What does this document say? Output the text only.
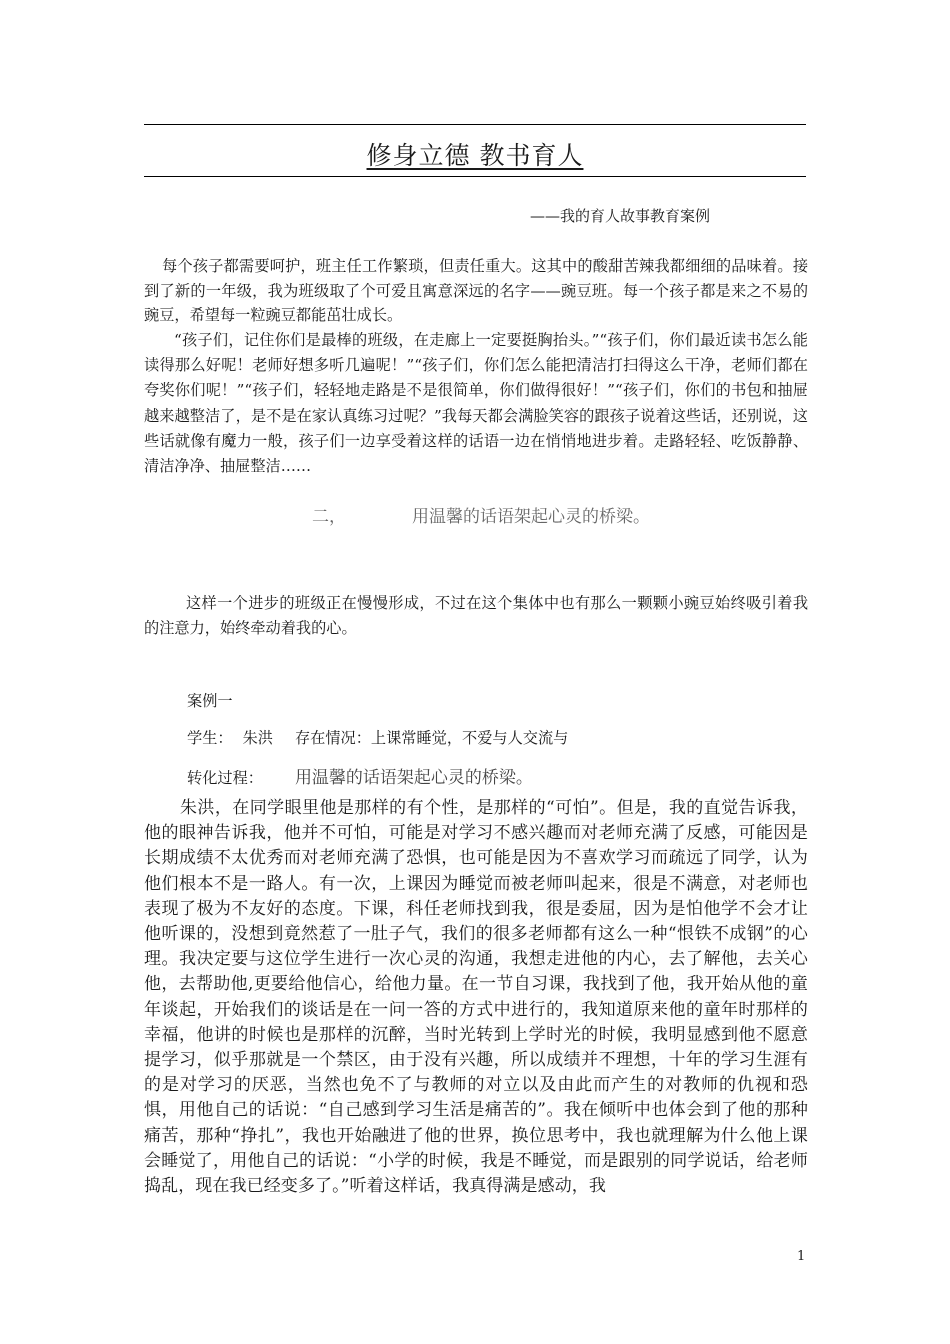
修身立德 教书育人
——我的育人故事教育案例

每个孩子都需要呵护，班主任工作繁琐，但责任重大。这其中的酸甜苦辣我都细细的品味着。接到了新的一年级，我为班级取了个可爱且寓意深远的名字——豌豆班。每一个孩子都是来之不易的豌豆，希望每一粒豌豆都能茁壮成长。

“孩子们，记住你们是最棒的班级，在走廊上一定要挺胸抬头。”“孩子们，你们最近读书怎么能读得那么好呢！老师好想多听几遍呢！”“孩子们，你们怎么能把清洁打扫得这么干净，老师们都在夸奖你们呢！”“孩子们，轻轻地走路是不是很简单，你们做得很好！”“孩子们，你们的书包和抽屉越来越整洁了，是不是在家认真练习过呢？”我每天都会满脸笑容的跟孩子说着这些话，还别说，这些话就像有魔力一般，孩子们一边享受着这样的话语一边在悄悄地进步着。走路轻轻、吃饭静静、清洁净净、抽屉整洁……

二，	用温馨的话语架起心灵的桥梁。

这样一个进步的班级正在慢慢形成，不过在这个集体中也有那么一颗颗小豌豆始终吸引着我的注意力，始终牵动着我的心。

案例一
学生： 朱洪 存在情况：上课常睡觉，不爱与人交流与
转化过程： 用温馨的话语架起心灵的桥梁。

朱洪，在同学眼里他是那样的有个性，是那样的“可怕”。但是，我的直觉告诉我，他的眼神告诉我，他并不可怕，可能是对学习不感兴趣而对老师充满了反感，可能因是长期成绩不太优秀而对老师充满了恐惧，也可能是因为不喜欢学习而疏远了同学，认为他们根本不是一路人。有一次，上课因为睡觉而被老师叫起来，很是不满意，对老师也表现了极为不友好的态度。下课，科任老师找到我，很是委屈，因为是怕他学不会才让他听课的，没想到竟然惹了一肚子气，我们的很多老师都有这么一种“恨铁不成钢”的心理。我决定要与这位学生进行一次心灵的沟通，我想走进他的内心，去了解他，去关心他，去帮助他,更要给他信心，给他力量。在一节自习课，我找到了他，我开始从他的童年谈起，开始我们的谈话是在一问一答的方式中进行的，我知道原来他的童年时那样的幸福，他讲的时候也是那样的沉醉，当时光转到上学时光的时候，我明显感到他不愿意提学习，似乎那就是一个禁区，由于没有兴趣，所以成绩并不理想，十年的学习生涯有的是对学习的厌恶，当然也免不了与教师的对立以及由此而产生的对教师的仇视和恐惧，用他自己的话说：“自己感到学习生活是痛苦的”。我在倾听中也体会到了他的那种痛苦，那种“挣扎”，我也开始融进了他的世界，换位思考中，我也就理解为什么他上课会睡觉了，用他自己的话说：“小学的时候，我是不睡觉，而是跟别的同学说话，给老师捣乱，现在我已经变多了。”听着这样话，我真得满是感动，我

1
